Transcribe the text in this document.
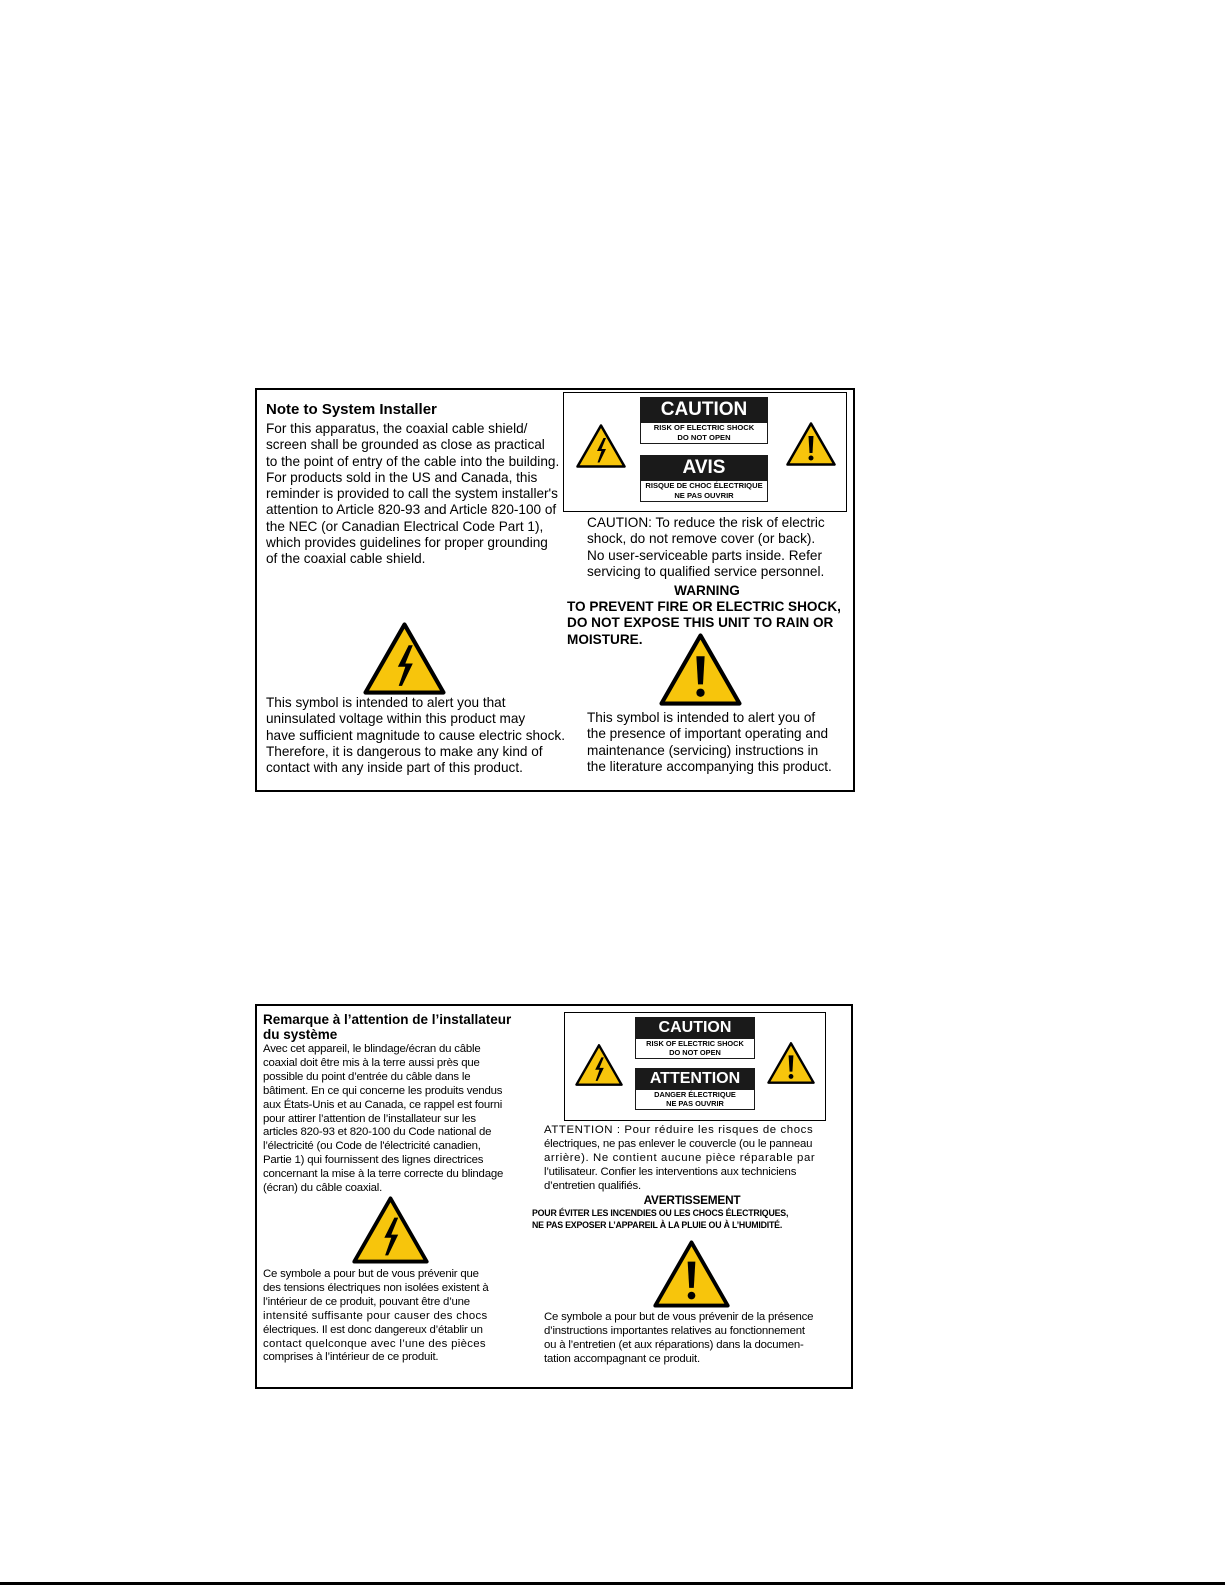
Note to System Installer
For this apparatus, the coaxial cable shield/
screen shall be grounded as close as practical
to the point of entry of the cable into the building.
For products sold in the US and Canada, this
reminder is provided to call the system installer's
attention to Article 820-93 and Article 820-100 of
the NEC (or Canadian Electrical Code Part 1),
which provides guidelines for proper grounding
of the coaxial cable shield.
CAUTION
RISK OF ELECTRIC SHOCK
DO NOT OPEN
AVIS
RISQUE DE CHOC ÉLECTRIQUE
NE PAS OUVRIR
CAUTION: To reduce the risk of electric
shock, do not remove cover (or back).
No user-serviceable parts inside. Refer
servicing to qualified service personnel.
WARNING
TO PREVENT FIRE OR ELECTRIC SHOCK,
DO NOT EXPOSE THIS UNIT TO RAIN OR
MOISTURE.
This symbol is intended to alert you that
uninsulated voltage within this product may
have sufficient magnitude to cause electric shock.
Therefore, it is dangerous to make any kind of
contact with any inside part of this product.
This symbol is intended to alert you of
the presence of important operating and
maintenance (servicing) instructions in
the literature accompanying this product.
Remarque à l’attention de l’installateur
du système
Avec cet appareil, le blindage/écran du câble
coaxial doit être mis à la terre aussi près que
possible du point d’entrée du câble dans le
bâtiment. En ce qui concerne les produits vendus
aux États-Unis et au Canada, ce rappel est fourni
pour attirer l’attention de l’installateur sur les
articles 820-93 et 820-100 du Code national de
l’électricité (ou Code de l'électricité canadien,
Partie 1) qui fournissent des lignes directrices
concernant la mise à la terre correcte du blindage
(écran) du câble coaxial.
CAUTION
RISK OF ELECTRIC SHOCK
DO NOT OPEN
ATTENTION
DANGER ÉLECTRIQUE
NE PAS OUVRIR
ATTENTION : Pour réduire les risques de chocs
électriques, ne pas enlever le couvercle (ou le panneau
arrière). Ne contient aucune pièce réparable par
l’utilisateur. Confier les interventions aux techniciens
d’entretien qualifiés.
AVERTISSEMENT
POUR ÉVITER LES INCENDIES OU LES CHOCS ÉLECTRIQUES,
NE PAS EXPOSER L’APPAREIL À LA PLUIE OU À L’HUMIDITÉ.
Ce symbole a pour but de vous prévenir que
des tensions électriques non isolées existent à
l’intérieur de ce produit, pouvant être d’une
intensité suffisante pour causer des chocs
électriques. Il est donc dangereux d’établir un
contact quelconque avec l’une des pièces
comprises à l’intérieur de ce produit.
Ce symbole a pour but de vous prévenir de la présence
d’instructions importantes relatives au fonctionnement
ou à l’entretien (et aux réparations) dans la documen-
tation accompagnant ce produit.
